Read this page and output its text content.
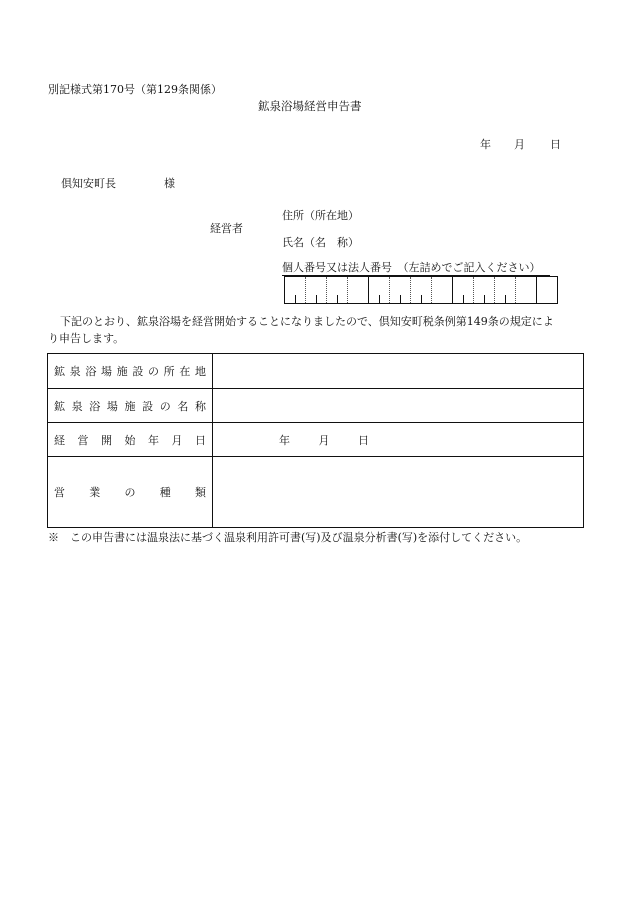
別記様式第170号（第129条関係）
鉱泉浴場経営申告書
年 月 日
倶知安町長	様
経営者
住所（所在地）
氏名（名　称）
個人番号又は法人番号　（左詰めでご記入ください）
下記のとおり、鉱泉浴場を経営開始することになりましたので、倶知安町税条例第149条の規定によ
り申告します。
鉱泉浴場施設の所在地	
鉱泉浴場施設の名称	
経営開始年月日	年 月 日
営業の種類	
※　この申告書には温泉法に基づく温泉利用許可書(写)及び温泉分析書(写)を添付してください。
